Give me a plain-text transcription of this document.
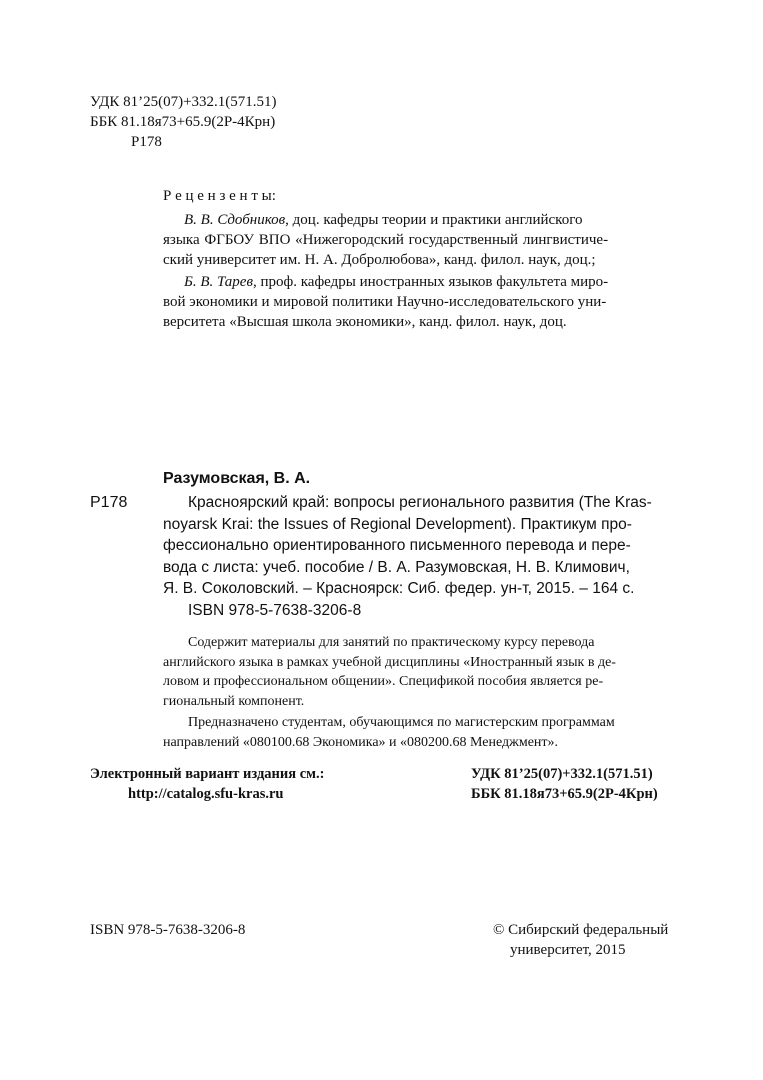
УДК 81’25(07)+332.1(571.51)
ББК 81.18я73+65.9(2Р-4Крн)
Р178
Р е ц е н з е н т ы:
В. В. Сдобников, доц. кафедры теории и практики английского
языка ФГБОУ ВПО «Нижегородский государственный лингвистиче-
ский университет им. Н. А. Добролюбова», канд. филол. наук, доц.;
Б. В. Тарев, проф. кафедры иностранных языков факультета миро-
вой экономики и мировой политики Научно-исследовательского уни-
верситета «Высшая школа экономики», канд. филол. наук, доц.
Разумовская, В. А.
Р178	Красноярский край: вопросы регионального развития (The Kras-
noyarsk Krai: the Issues of Regional Development). Практикум про-
фессионально ориентированного письменного перевода и пере-
вода с листа: учеб. пособие / В. А. Разумовская, Н. В. Климович,
Я. В. Соколовский. – Красноярск: Сиб. федер. ун-т, 2015. – 164 с.
ISBN 978-5-7638-3206-8
Содержит материалы для занятий по практическому курсу перевода
английского языка в рамках учебной дисциплины «Иностранный язык в де-
ловом и профессиональном общении». Спецификой пособия является ре-
гиональный компонент.
Предназначено студентам, обучающимся по магистерским программам
направлений «080100.68 Экономика» и «080200.68 Менеджмент».
Электронный вариант издания см.:
http://catalog.sfu-kras.ru
УДК 81’25(07)+332.1(571.51)
ББК 81.18я73+65.9(2Р-4Крн)
ISBN 978-5-7638-3206-8	© Сибирский федеральный
университет, 2015
